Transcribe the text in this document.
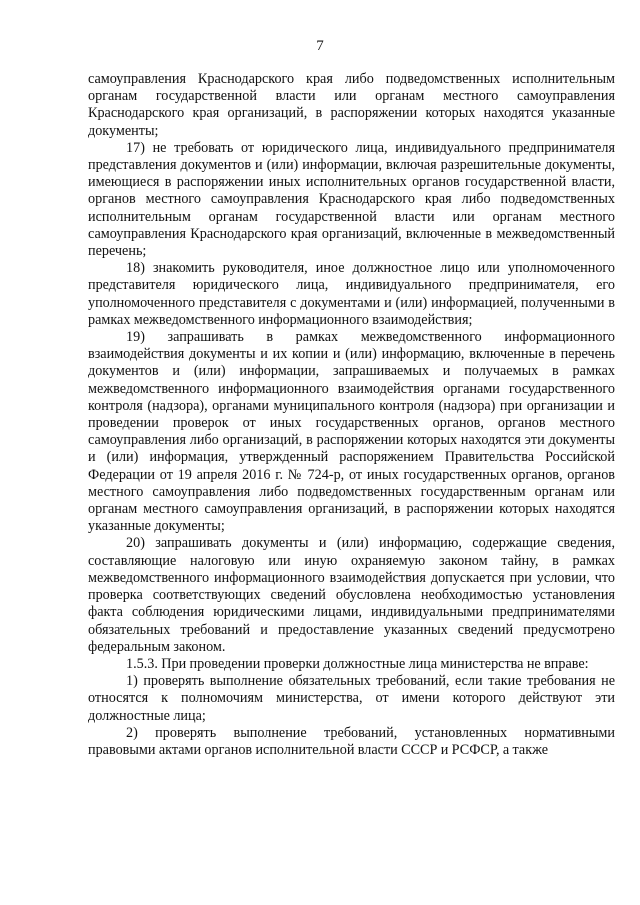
7

самоуправления Краснодарского края либо подведомственных исполнительным органам государственной власти или органам местного самоуправления Краснодарского края организаций, в распоряжении которых находятся указанные документы;

17) не требовать от юридического лица, индивидуального предпринимателя представления документов и (или) информации, включая разрешительные документы, имеющиеся в распоряжении иных исполнительных органов государственной власти, органов местного самоуправления Краснодарского края либо подведомственных исполнительным органам государственной власти или органам местного самоуправления Краснодарского края организаций, включенные в межведомственный перечень;

18) знакомить руководителя, иное должностное лицо или уполномоченного представителя юридического лица, индивидуального предпринимателя, его уполномоченного представителя с документами и (или) информацией, полученными в рамках межведомственного информационного взаимодействия;

19) запрашивать в рамках межведомственного информационного взаимодействия документы и их копии и (или) информацию, включенные в перечень документов и (или) информации, запрашиваемых и получаемых в рамках межведомственного информационного взаимодействия органами государственного контроля (надзора), органами муниципального контроля (надзора) при организации и проведении проверок от иных государственных органов, органов местного самоуправления либо организаций, в распоряжении которых находятся эти документы и (или) информация, утвержденный распоряжением Правительства Российской Федерации от 19 апреля 2016 г. № 724-р, от иных государственных органов, органов местного самоуправления либо подведомственных государственным органам или органам местного самоуправления организаций, в распоряжении которых находятся указанные документы;

20) запрашивать документы и (или) информацию, содержащие сведения, составляющие налоговую или иную охраняемую законом тайну, в рамках межведомственного информационного взаимодействия допускается при условии, что проверка соответствующих сведений обусловлена необходимостью установления факта соблюдения юридическими лицами, индивидуальными предпринимателями обязательных требований и предоставление указанных сведений предусмотрено федеральным законом.

1.5.3. При проведении проверки должностные лица министерства не вправе:

1) проверять выполнение обязательных требований, если такие требования не относятся к полномочиям министерства, от имени которого действуют эти должностные лица;

2) проверять выполнение требований, установленных нормативными правовыми актами органов исполнительной власти СССР и РСФСР, а также
